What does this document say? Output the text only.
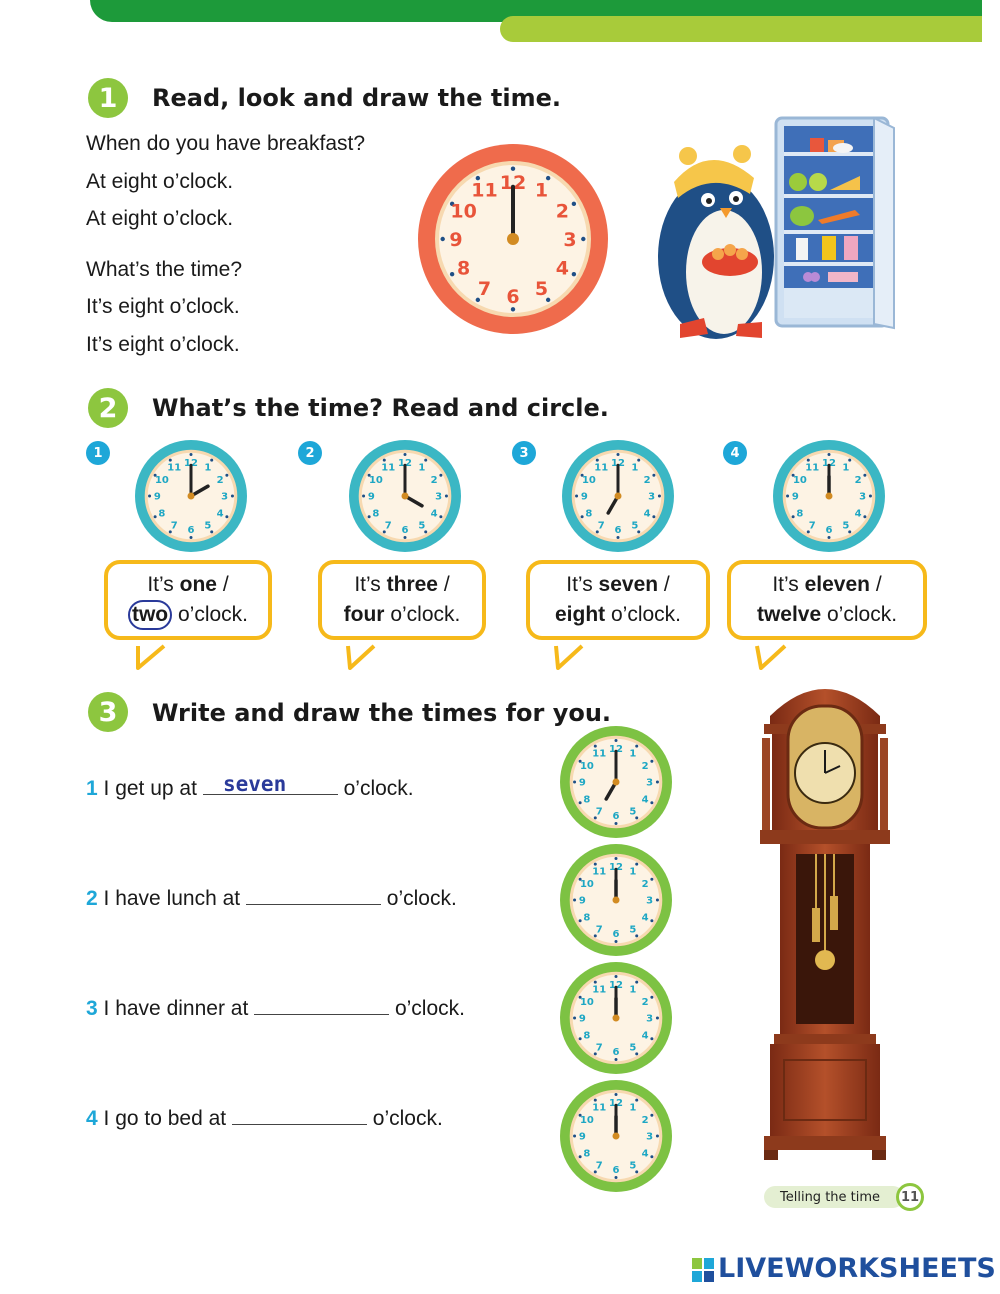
1	Read, look and draw the time.
When do you have breakfast?
At eight o’clock.
At eight o’clock.
What’s the time?
It’s eight o’clock.
It’s eight o’clock.
1
2
3
4
5
6
7
8
9
10
11 12
2	What’s the time? Read and circle.
1
1
2
3
4
5
6
7
8
9
10
11 12
It’s one /
two o’clock.
2
1
2
3
4
5
6
7
8
9
10
11 12
It’s three /
four o’clock.
3
1
2
3
4
5
6
7
8
9
10
11 12
It’s seven /
eight o’clock.
4
1
2
3
4
5
6
7
8
9
10
11 12
It’s eleven /
twelve o’clock.
3	Write and draw the times for you.
1 I get up at	o’clock.
seven
2 I have lunch at	o’clock.
3 I have dinner at	o’clock.
4 I go to bed at	o’clock.
1
2
3
4
5
6
7
8
9
10
11 12
1
2
3
4
5
6
7
8
9
10
11 12
1
2
3
4
5
6
7
8
9
10
11 12
1
2
3
4
5
6
7
8
9
10
11 12
Telling the time	11
LIVEWORKSHEETS
